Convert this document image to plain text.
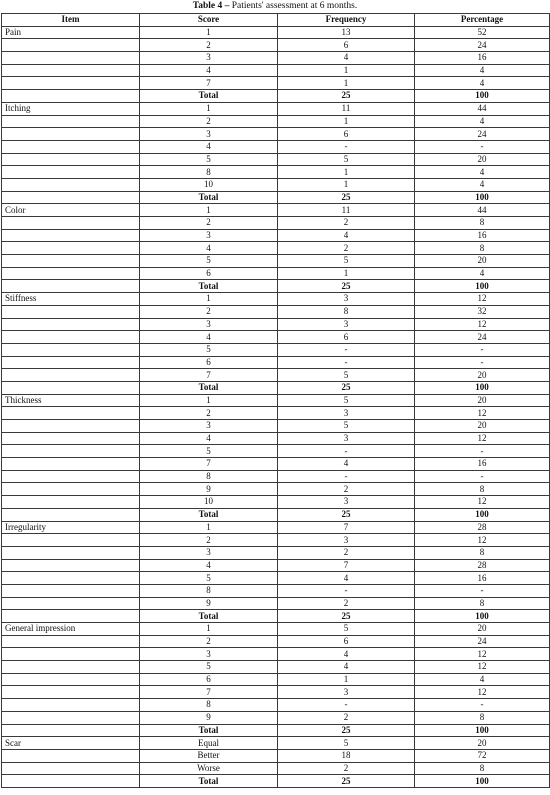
Table 4 – Patients' assessment at 6 months.
Item	Score	Frequency	Percentage
Pain	1	13	52
	2	6	24
	3	4	16
	4	1	4
	7	1	4
	Total	25	100
Itching	1	11	44
	2	1	4
	3	6	24
	4	-	-
	5	5	20
	8	1	4
	10	1	4
	Total	25	100
Color	1	11	44
	2	2	8
	3	4	16
	4	2	8
	5	5	20
	6	1	4
	Total	25	100
Stiffness	1	3	12
	2	8	32
	3	3	12
	4	6	24
	5	-	-
	6	-	-
	7	5	20
	Total	25	100
Thickness	1	5	20
	2	3	12
	3	5	20
	4	3	12
	5	-	-
	7	4	16
	8	-	-
	9	2	8
	10	3	12
	Total	25	100
Irregularity	1	7	28
	2	3	12
	3	2	8
	4	7	28
	5	4	16
	8	-	-
	9	2	8
	Total	25	100
General impression	1	5	20
	2	6	24
	3	4	12
	5	4	12
	6	1	4
	7	3	12
	8	-	-
	9	2	8
	Total	25	100
Scar	Equal	5	20
	Better	18	72
	Worse	2	8
	Total	25	100
